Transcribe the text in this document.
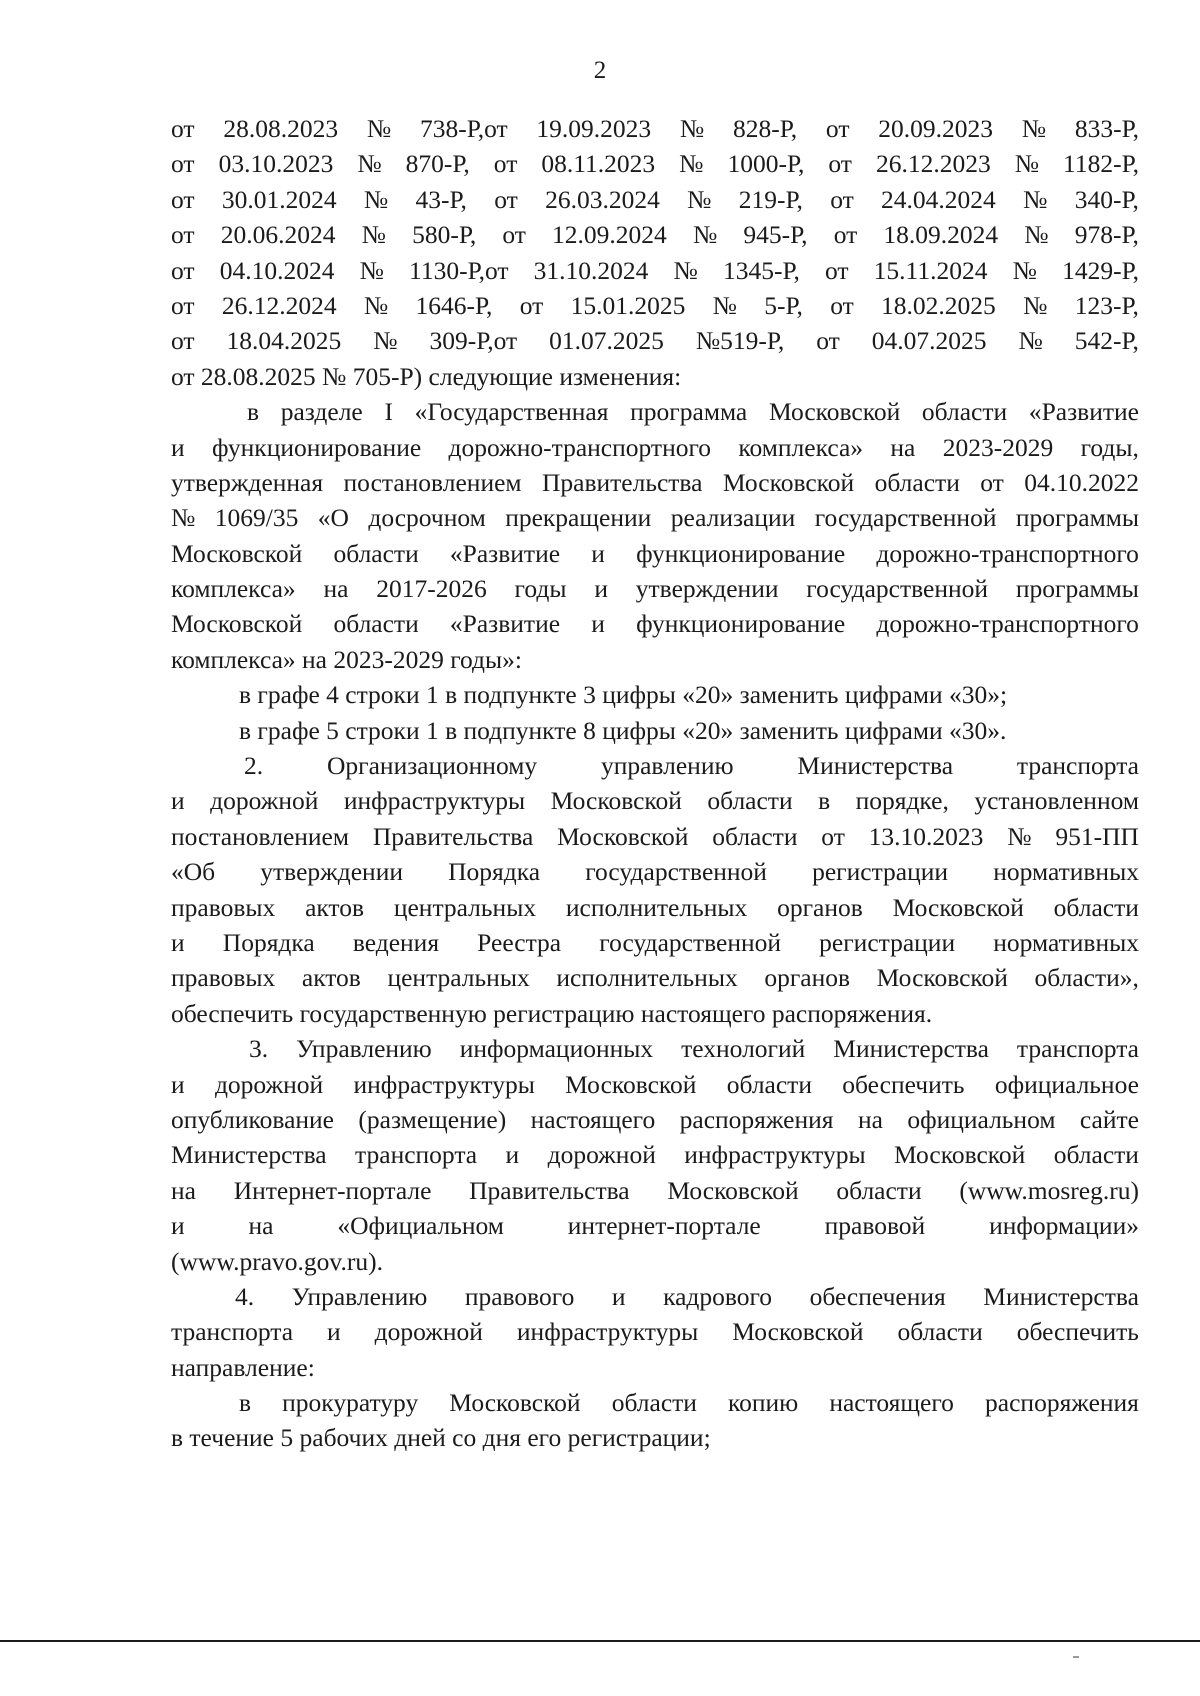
2
от 28.08.2023 № 738-Р,от 19.09.2023 № 828-Р, от 20.09.2023 № 833-Р,
от 03.10.2023 № 870-Р, от 08.11.2023 № 1000-Р, от 26.12.2023 № 1182-Р,
от 30.01.2024 № 43-Р, от 26.03.2024 № 219-Р, от 24.04.2024 № 340-Р,
от 20.06.2024 № 580-Р, от 12.09.2024 № 945-Р, от 18.09.2024 № 978-Р,
от 04.10.2024 № 1130-Р,от 31.10.2024 № 1345-Р, от 15.11.2024 № 1429-Р,
от 26.12.2024 № 1646-Р, от 15.01.2025 № 5-Р, от 18.02.2025 № 123-Р,
от 18.04.2025 № 309-Р,от 01.07.2025 №519-Р, от 04.07.2025 № 542-Р,
от 28.08.2025 № 705-Р) следующие изменения:
в разделе I «Государственная программа Московской области «Развитие
и функционирование дорожно-транспортного комплекса» на 2023-2029 годы,
утвержденная постановлением Правительства Московской области от 04.10.2022
№ 1069/35 «О досрочном прекращении реализации государственной программы
Московской области «Развитие и функционирование дорожно-транспортного
комплекса» на 2017-2026 годы и утверждении государственной программы
Московской области «Развитие и функционирование дорожно-транспортного
комплекса» на 2023-2029 годы»:
в графе 4 строки 1 в подпункте 3 цифры «20» заменить цифрами «30»;
в графе 5 строки 1 в подпункте 8 цифры «20» заменить цифрами «30».
2.	Организационному	управлению	Министерства	транспорта
и дорожной инфраструктуры Московской области в порядке, установленном
постановлением Правительства Московской области от 13.10.2023 № 951-ПП
«Об утверждении Порядка государственной регистрации нормативных
правовых актов центральных исполнительных органов Московской области
и Порядка ведения Реестра государственной регистрации нормативных
правовых актов центральных исполнительных органов Московской области»,
обеспечить государственную регистрацию настоящего распоряжения.
3. Управлению информационных технологий Министерства транспорта
и дорожной инфраструктуры Московской области обеспечить официальное
опубликование (размещение) настоящего распоряжения на официальном сайте
Министерства транспорта и дорожной инфраструктуры Московской области
на Интернет-портале Правительства Московской области (www.mosreg.ru)
и	на	«Официальном	интернет-портале	правовой	информации»
(www.pravo.gov.ru).
4. Управлению правового и кадрового обеспечения Министерства
транспорта и дорожной инфраструктуры Московской области обеспечить
направление:
в прокуратуру Московской области копию настоящего распоряжения
в течение 5 рабочих дней со дня его регистрации;
